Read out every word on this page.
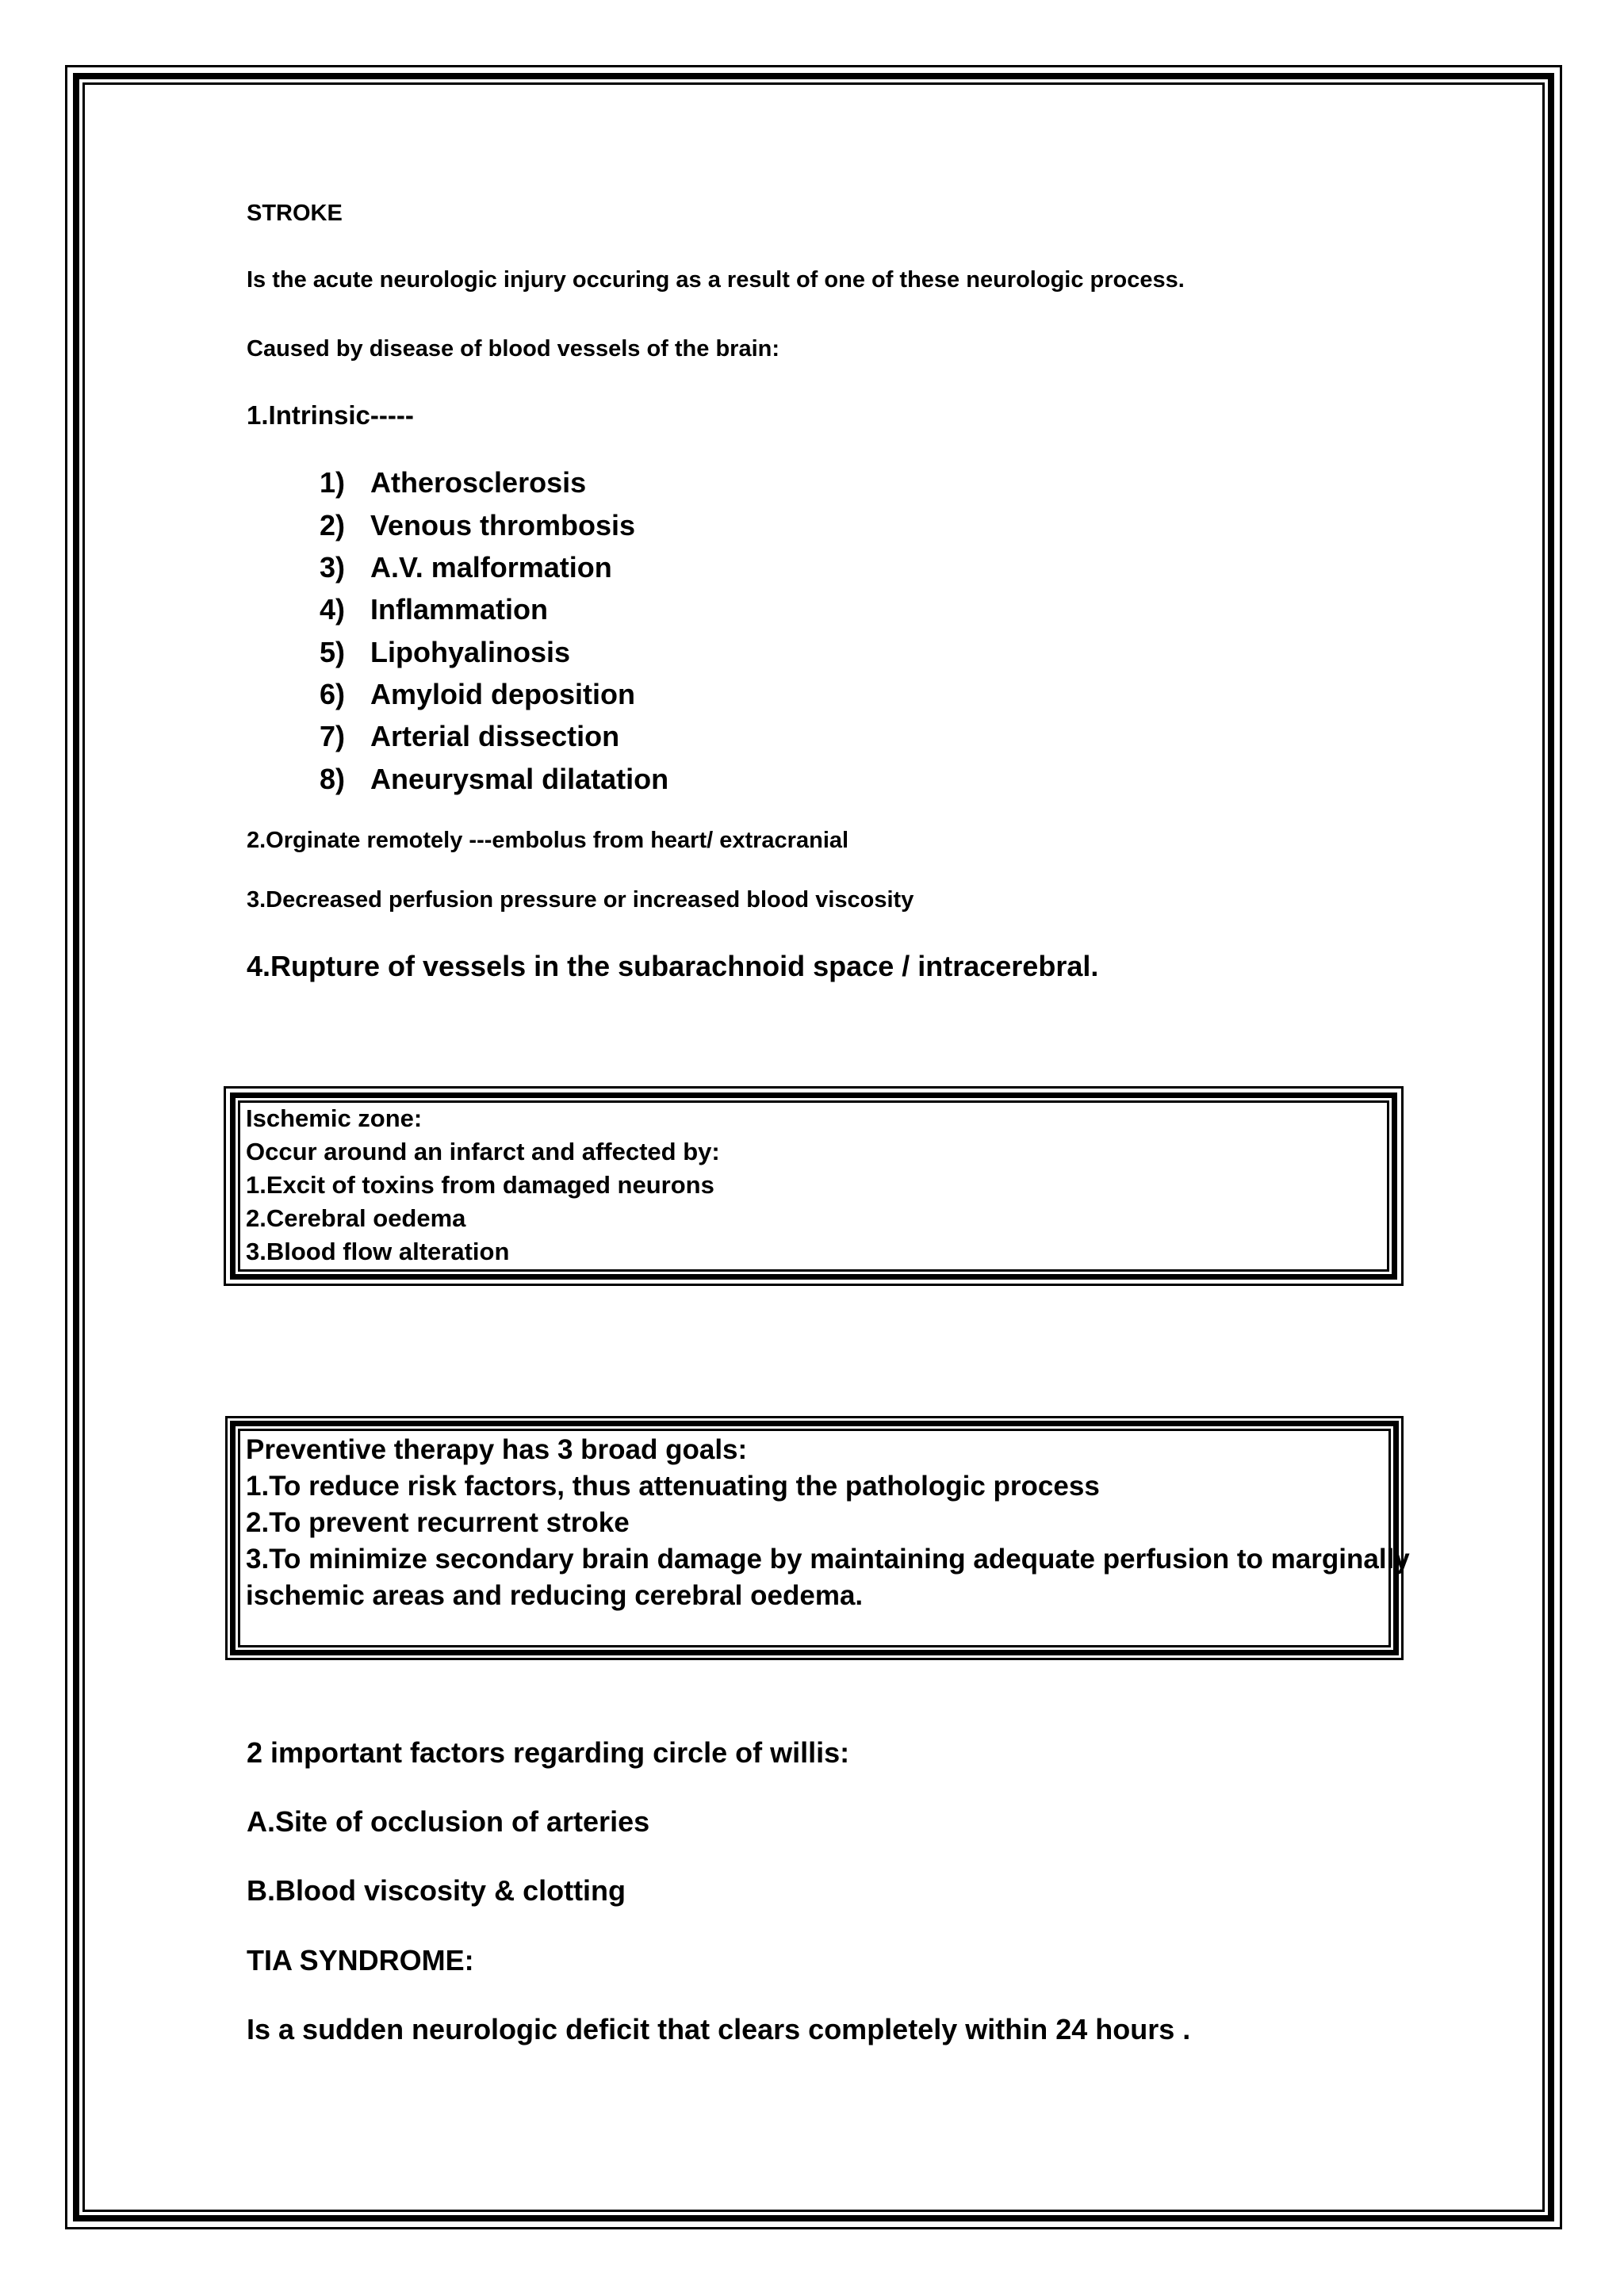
STROKE
Is the acute neurologic injury occuring as a result of one of these neurologic process.
Caused by disease of blood vessels of the brain:
1.Intrinsic-----
1) Atherosclerosis
2) Venous thrombosis
3) A.V. malformation
4) Inflammation
5) Lipohyalinosis
6) Amyloid deposition
7) Arterial dissection
8) Aneurysmal dilatation
2.Orginate remotely ---embolus from heart/ extracranial
3.Decreased perfusion pressure or increased blood viscosity
4.Rupture of vessels in the subarachnoid space / intracerebral.
Ischemic zone:
Occur around an infarct and affected by:
1.Excit of toxins from damaged neurons
2.Cerebral oedema
3.Blood flow alteration
Preventive therapy has 3 broad goals:
1.To reduce risk factors, thus attenuating the pathologic process
2.To prevent recurrent stroke
3.To minimize secondary brain damage by maintaining adequate perfusion to marginally
ischemic areas and reducing cerebral oedema.
2 important factors regarding circle of willis:
A.Site of occlusion of arteries
B.Blood viscosity & clotting
TIA SYNDROME:
Is a sudden neurologic deficit that clears completely within 24 hours .
